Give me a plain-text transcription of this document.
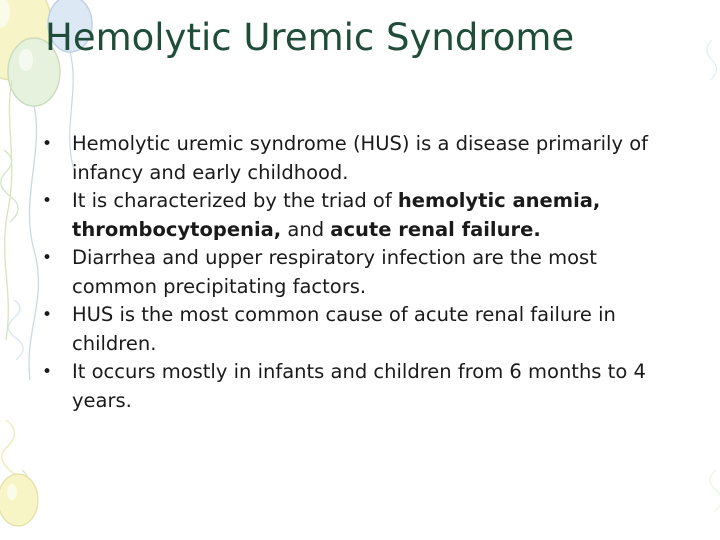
Hemolytic Uremic Syndrome
•	Hemolytic uremic syndrome (HUS) is a disease primarily of infancy and early childhood.
•	It is characterized by the triad of hemolytic anemia, thrombocytopenia, and acute renal failure.
•	Diarrhea and upper respiratory infection are the most common precipitating factors.
•	HUS is the most common cause of acute renal failure in children.
•	It occurs mostly in infants and children from 6 months to 4 years.
